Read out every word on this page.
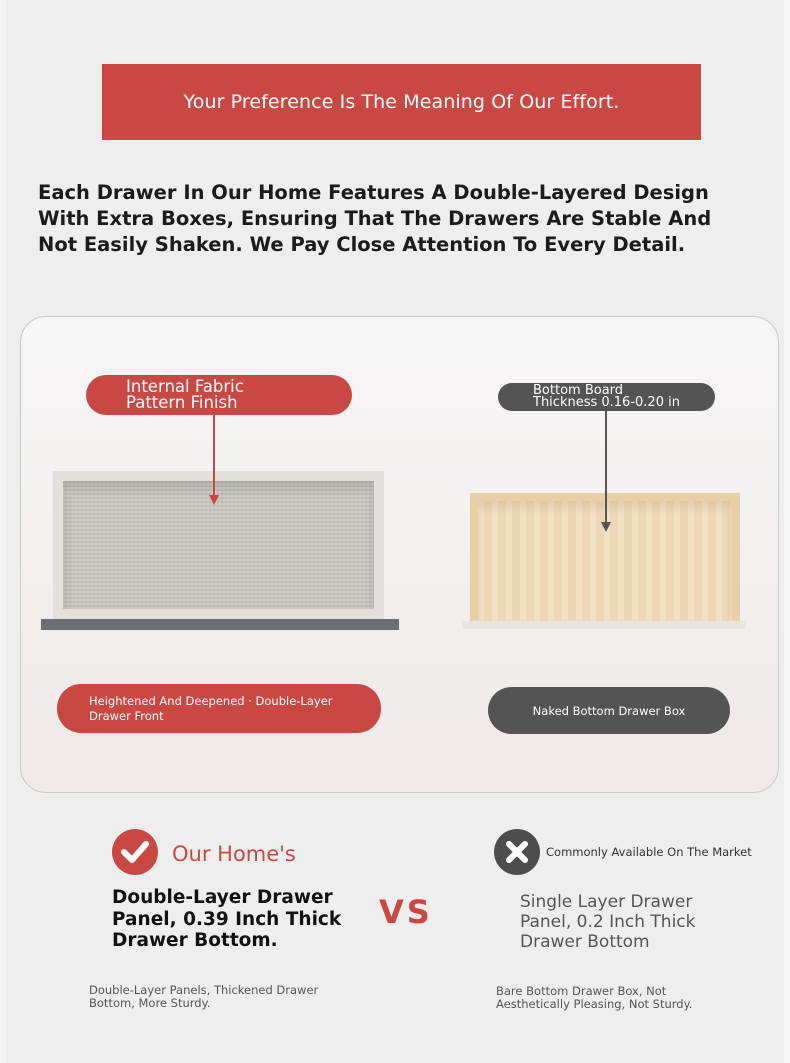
Your Preference Is The Meaning Of Our Effort.

Each Drawer In Our Home Features A Double-Layered Design With Extra Boxes, Ensuring That The Drawers Are Stable And Not Easily Shaken. We Pay Close Attention To Every Detail.

Internal Fabric
Pattern Finish
Bottom Board
Thickness 0.16-0.20 in
Heightened And Deepened · Double-Layer
Drawer Front	Naked Bottom Drawer Box
Our Home's
Double-Layer Drawer Panel, 0.39 Inch Thick Drawer Bottom.
Double-Layer Panels, Thickened Drawer Bottom, More Sturdy.
VS
Commonly Available On The Market
Single Layer Drawer Panel, 0.2 Inch Thick Drawer Bottom
Bare Bottom Drawer Box, Not Aesthetically Pleasing, Not Sturdy.
